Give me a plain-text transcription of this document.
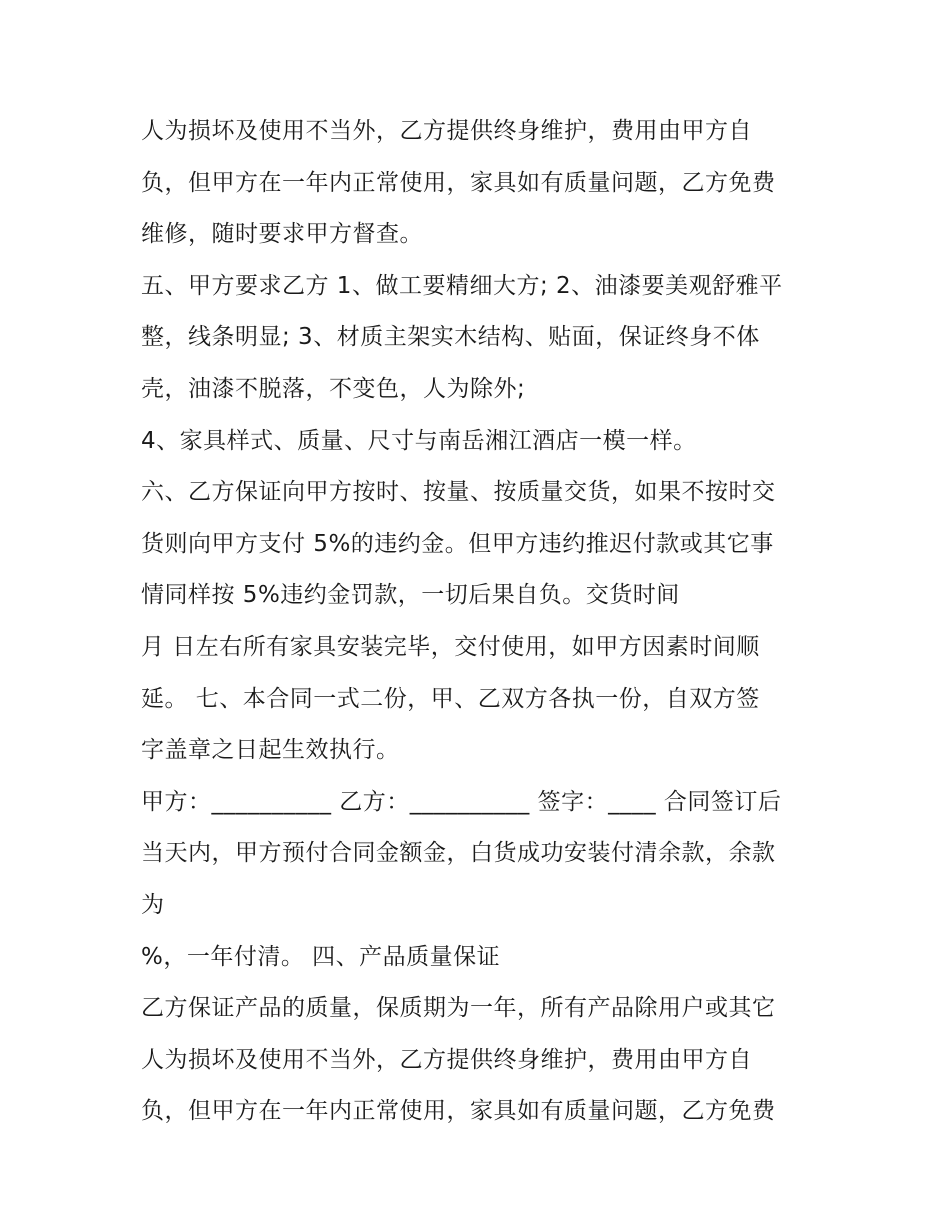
人为损坏及使用不当外，乙方提供终身维护，费用由甲方自
负，但甲方在一年内正常使用，家具如有质量问题，乙方免费
维修，随时要求甲方督查。
五、甲方要求乙方 1、做工要精细大方; 2、油漆要美观舒雅平
整，线条明显; 3、材质主架实木结构、贴面，保证终身不体
壳，油漆不脱落，不变色，人为除外;
4、家具样式、质量、尺寸与南岳湘江酒店一模一样。
六、乙方保证向甲方按时、按量、按质量交货，如果不按时交
货则向甲方支付 5%的违约金。但甲方违约推迟付款或其它事
情同样按 5%违约金罚款，一切后果自负。交货时间
月 日左右所有家具安装完毕，交付使用，如甲方因素时间顺
延。 七、本合同一式二份，甲、乙双方各执一份，自双方签
字盖章之日起生效执行。
甲方：__________ 乙方：__________ 签字：____ 合同签订后
当天内，甲方预付合同金额金，白货成功安装付清余款，余款
为
%，一年付清。 四、产品质量保证
乙方保证产品的质量，保质期为一年，所有产品除用户或其它
人为损坏及使用不当外，乙方提供终身维护，费用由甲方自
负，但甲方在一年内正常使用，家具如有质量问题，乙方免费
